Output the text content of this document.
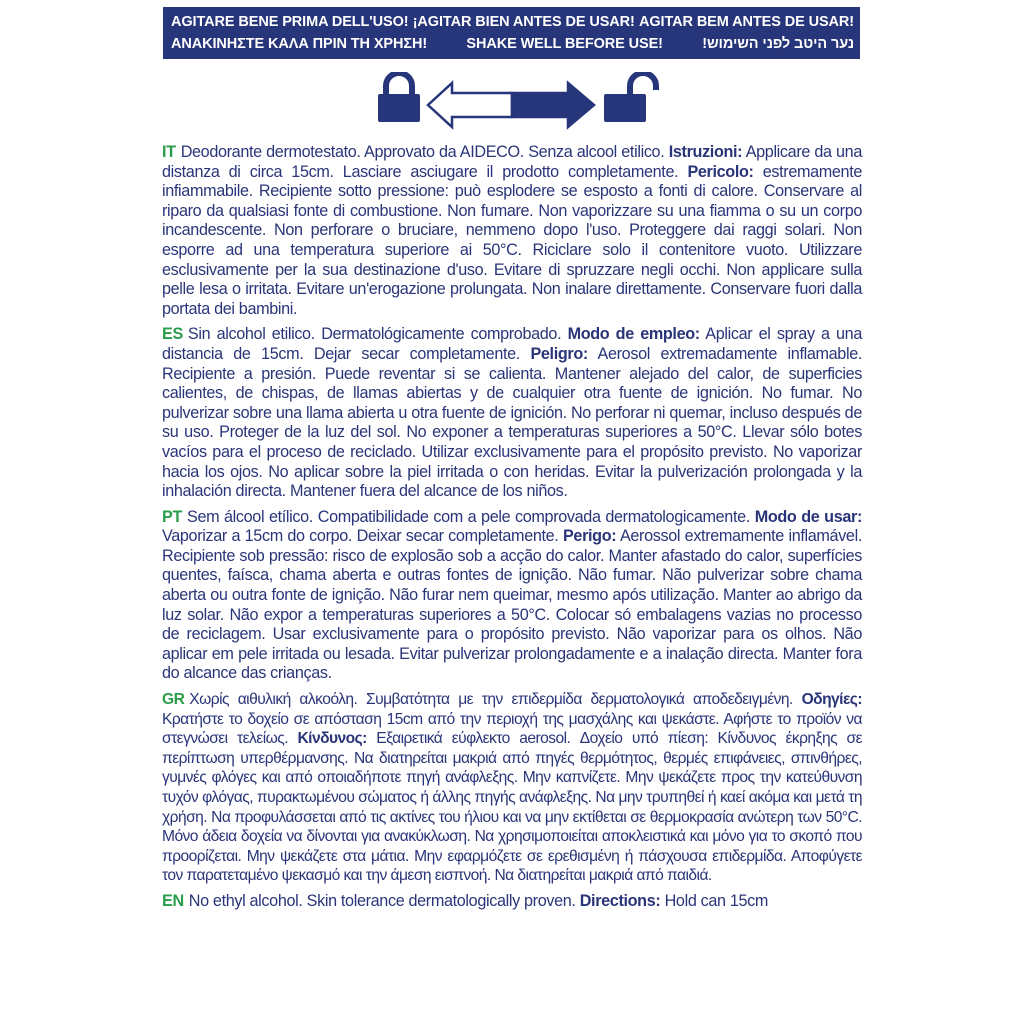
AGITARE BENE PRIMA DELL'USO! ¡AGITAR BIEN ANTES DE USAR! AGITAR BEM ANTES DE USAR!
ΑΝΑΚΙΝΗΣΤΕ ΚΑΛΑ ΠΡΙΝ ΤΗ ΧΡΗΣΗ!	SHAKE WELL BEFORE USE!	נער היטב לפני השימוש!

IT Deodorante dermotestato. Approvato da AIDECO. Senza alcool etilico. Istruzioni: Applicare da una distanza di circa 15cm. Lasciare asciugare il prodotto completamente. Pericolo: estremamente infiammabile. Recipiente sotto pressione: può esplodere se esposto a fonti di calore. Conservare al riparo da qualsiasi fonte di combustione. Non fumare. Non vaporizzare su una fiamma o su un corpo incandescente. Non perforare o bruciare, nemmeno dopo l'uso. Proteggere dai raggi solari. Non esporre ad una temperatura superiore ai 50°C. Riciclare solo il contenitore vuoto. Utilizzare esclusivamente per la sua destinazione d'uso. Evitare di spruzzare negli occhi. Non applicare sulla pelle lesa o irritata. Evitare un'erogazione prolungata. Non inalare direttamente. Conservare fuori dalla portata dei bambini.

ES Sin alcohol etilico. Dermatológicamente comprobado. Modo de empleo: Aplicar el spray a una distancia de 15cm. Dejar secar completamente. Peligro: Aerosol extremadamente inflamable. Recipiente a presión. Puede reventar si se calienta. Mantener alejado del calor, de superficies calientes, de chispas, de llamas abiertas y de cualquier otra fuente de ignición. No fumar. No pulverizar sobre una llama abierta u otra fuente de ignición. No perforar ni quemar, incluso después de su uso. Proteger de la luz del sol. No exponer a temperaturas superiores a 50°C. Llevar sólo botes vacíos para el proceso de reciclado. Utilizar exclusivamente para el propósito previsto. No vaporizar hacia los ojos. No aplicar sobre la piel irritada o con heridas. Evitar la pulverización prolongada y la inhalación directa. Mantener fuera del alcance de los niños.

PT Sem álcool etílico. Compatibilidade com a pele comprovada dermatologicamente. Modo de usar: Vaporizar a 15cm do corpo. Deixar secar completamente. Perigo: Aerossol extremamente inflamável. Recipiente sob pressão: risco de explosão sob a acção do calor. Manter afastado do calor, superfícies quentes, faísca, chama aberta e outras fontes de ignição. Não fumar. Não pulverizar sobre chama aberta ou outra fonte de ignição. Não furar nem queimar, mesmo após utilização. Manter ao abrigo da luz solar. Não expor a temperaturas superiores a 50°C. Colocar só embalagens vazias no processo de reciclagem. Usar exclusivamente para o propósito previsto. Não vaporizar para os olhos. Não aplicar em pele irritada ou lesada. Evitar pulverizar prolongadamente e a inalação directa. Manter fora do alcance das crianças.

GR Χωρίς αιθυλική αλκοόλη. Συμβατότητα με την επιδερμίδα δερματολογικά αποδεδειγμένη. Οδηγίες: Κρατήστε το δοχείο σε απόσταση 15cm από την περιοχή της μασχάλης και ψεκάστε. Αφήστε το προϊόν να στεγνώσει τελείως. Κίνδυνος: Εξαιρετικά εύφλεκτο aerosol. Δοχείο υπό πίεση: Κίνδυνος έκρηξης σε περίπτωση υπερθέρμανσης. Να διατηρείται μακριά από πηγές θερμότητος, θερμές επιφάνειες, σπινθήρες, γυμνές φλόγες και από οποιαδήποτε πηγή ανάφλεξης. Μην καπνίζετε. Μην ψεκάζετε προς την κατεύθυνση τυχόν φλόγας, πυρακτωμένου σώματος ή άλλης πηγής ανάφλεξης. Να μην τρυπηθεί ή καεί ακόμα και μετά τη χρήση. Να προφυλάσσεται από τις ακτίνες του ήλιου και να μην εκτίθεται σε θερμοκρασία ανώτερη των 50°C. Μόνο άδεια δοχεία να δίνονται για ανακύκλωση. Να χρησιμοποιείται αποκλειστικά και μόνο για το σκοπό που προορίζεται. Μην ψεκάζετε στα μάτια. Μην εφαρμόζετε σε ερεθισμένη ή πάσχουσα επιδερμίδα. Αποφύγετε τον παρατεταμένο ψεκασμό και την άμεση εισπνοή. Να διατηρείται μακριά από παιδιά.

EN No ethyl alcohol. Skin tolerance dermatologically proven. Directions: Hold can 15cm
